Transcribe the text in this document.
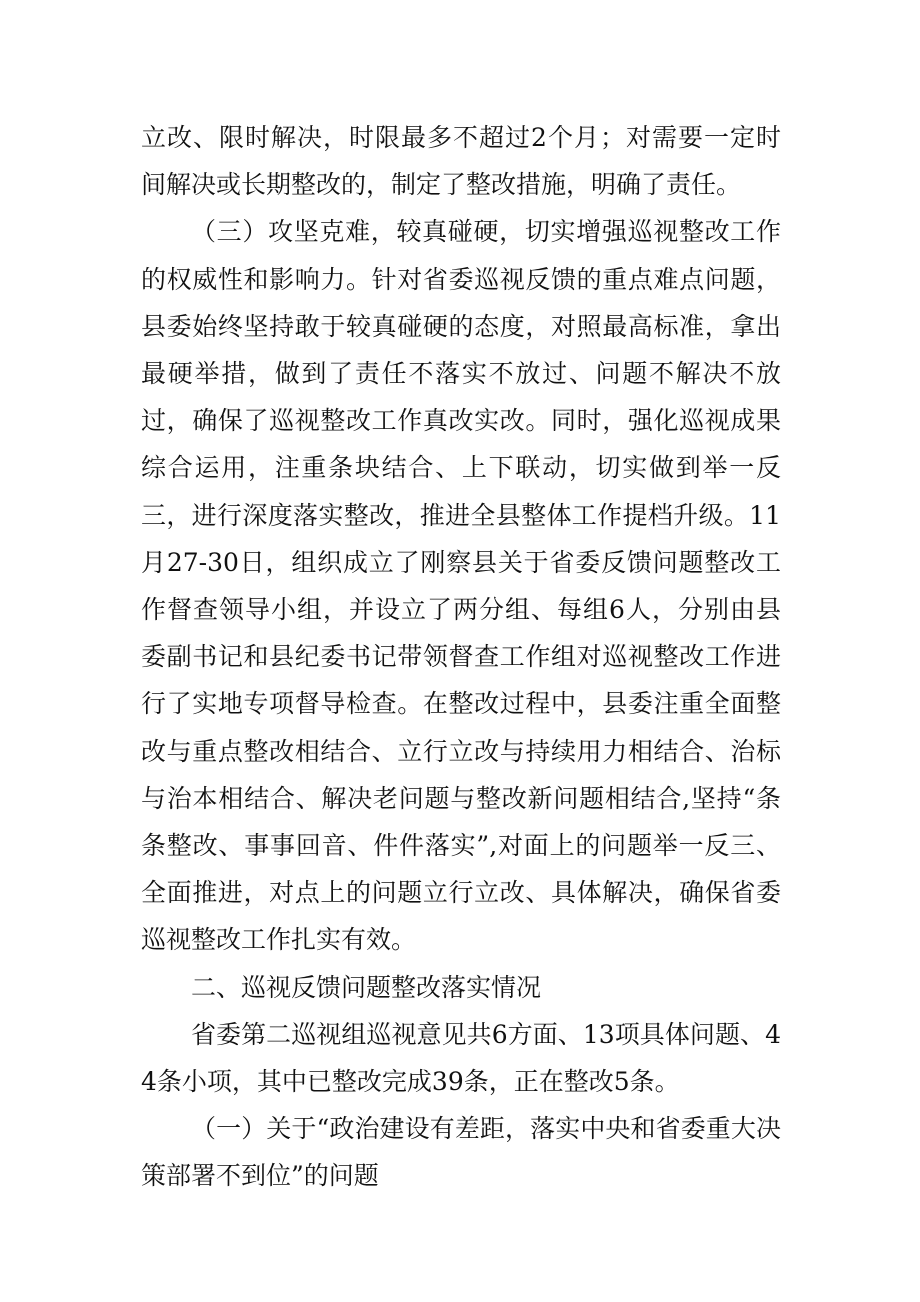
立改、限时解决，时限最多不超过2个月；对需要一定时间解决或长期整改的，制定了整改措施，明确了责任。

（三）攻坚克难，较真碰硬，切实增强巡视整改工作的权威性和影响力。针对省委巡视反馈的重点难点问题，县委始终坚持敢于较真碰硬的态度，对照最高标准，拿出最硬举措，做到了责任不落实不放过、问题不解决不放过，确保了巡视整改工作真改实改。同时，强化巡视成果综合运用，注重条块结合、上下联动，切实做到举一反三，进行深度落实整改，推进全县整体工作提档升级。11月27-30日，组织成立了刚察县关于省委反馈问题整改工作督查领导小组，并设立了两分组、每组6人，分别由县委副书记和县纪委书记带领督查工作组对巡视整改工作进行了实地专项督导检查。在整改过程中，县委注重全面整改与重点整改相结合、立行立改与持续用力相结合、治标与治本相结合、解决老问题与整改新问题相结合,坚持“条条整改、事事回音、件件落实”,对面上的问题举一反三、全面推进，对点上的问题立行立改、具体解决，确保省委巡视整改工作扎实有效。

二、巡视反馈问题整改落实情况

省委第二巡视组巡视意见共6方面、13项具体问题、44条小项，其中已整改完成39条，正在整改5条。

（一）关于“政治建设有差距，落实中央和省委重大决策部署不到位”的问题
